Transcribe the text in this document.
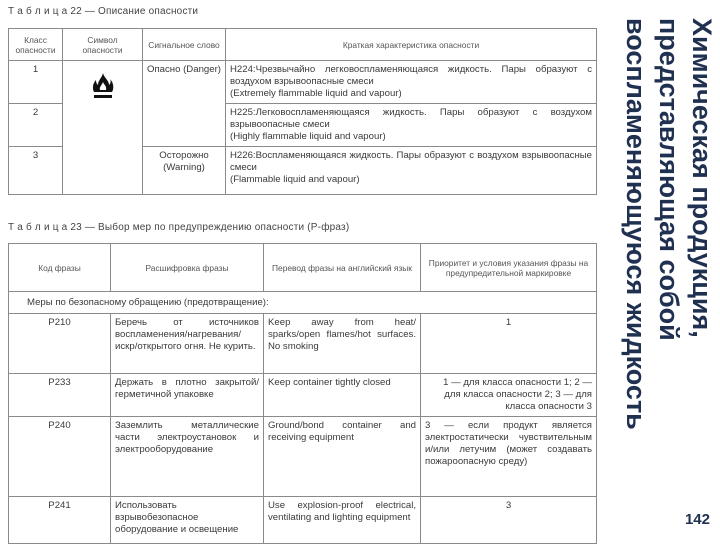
Т а б л и ц а 22 — Описание опасности
Класс опасности	Символ опасности	Сигнальное слово	Краткая характеристика опасности
1		Опасно (Danger)	H224:Чрезвычайно легковоспламеняющаяся жидкость. Пары образуют с воздухом взрывоопасные смеси
(Extremely flammable liquid and vapour)
2			H225:Легковоспламеняющаяся жидкость. Пары образуют с воздухом взрывоопасные смеси
(Highly flammable liquid and vapour)
3		Осторожно (Warning)	H226:Воспламеняющаяся жидкость. Пары образуют с воздухом взрывоопасные смеси
(Flammable liquid and vapour)
Т а б л и ц а 23 — Выбор мер по предупреждению опасности (Р-фраз)
Код фразы	Расшифровка фразы	Перевод фразы на английский язык	Приоритет и условия указания фразы на предупредительной маркировке
Меры по безопасному обращению (предотвращение):			
P210	Беречь от источников воспламенения/нагревания/искр/открытого огня. Не курить.	Keep away from heat/ sparks/open flames/hot surfaces. No smoking	1
P233	Держать в плотно закрытой/герметичной упаковке	Keep container tightly closed	1 — для класса опасности 1; 2 — для класса опасности 2; 3 — для класса опасности 3
P240	Заземлить металлические части электроустановок и электрооборудование	Ground/bond container and receiving equipment	3 — если продукт является электростатически чувствительным и/или летучим (может создавать пожароопасную среду)
P241	Использовать взрывобезопасное оборудование и освещение	Use explosion-proof electrical, ventilating and lighting equipment	3
Химическая продукция,
представляющая собой
воспламеняющуюся жидкость
142
